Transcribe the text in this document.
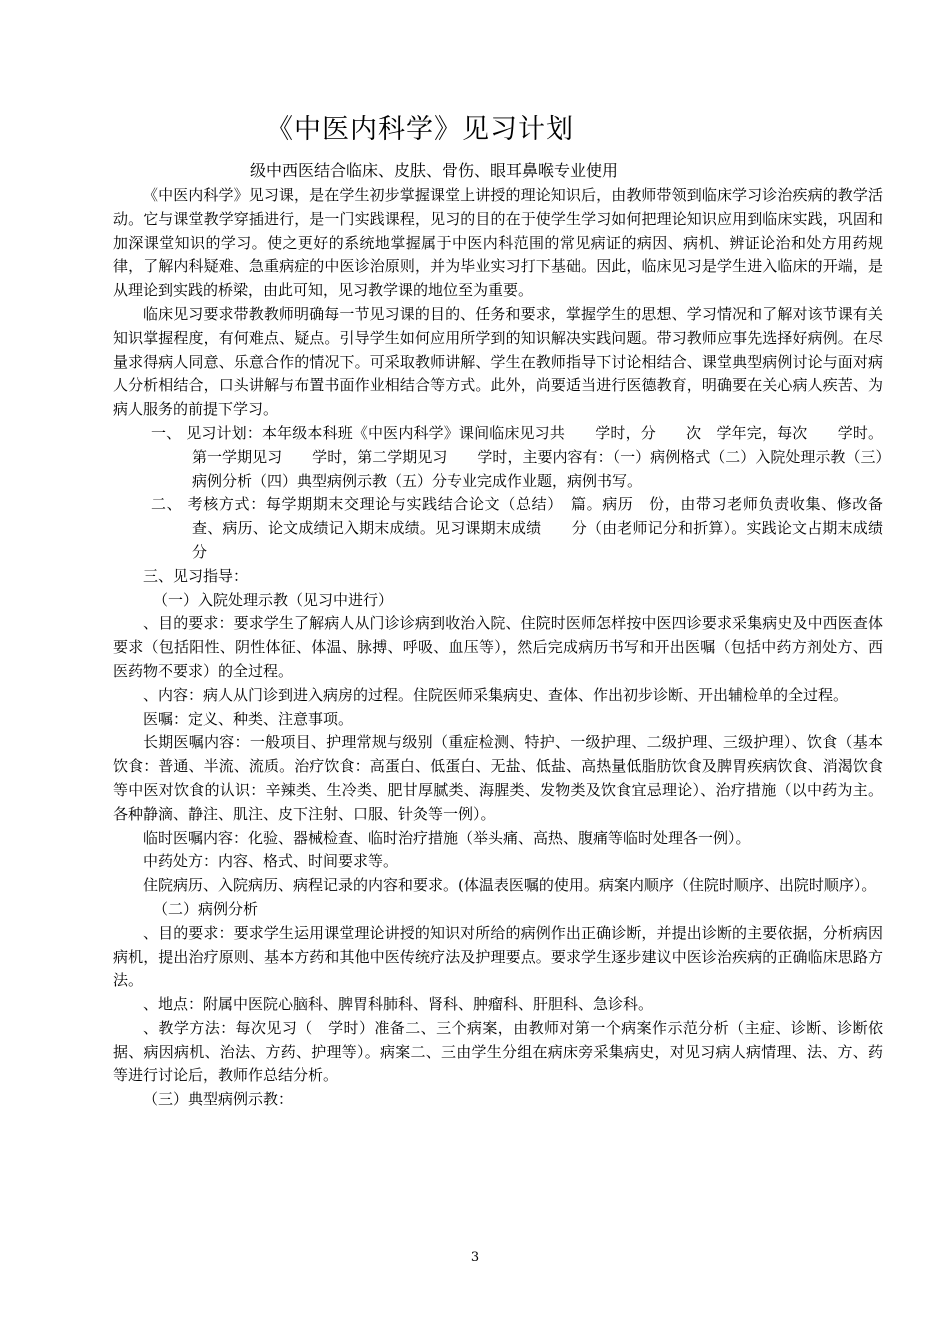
《中医内科学》见习计划
级中西医结合临床、皮肤、骨伤、眼耳鼻喉专业使用

《中医内科学》见习课，是在学生初步掌握课堂上讲授的理论知识后，由教师带领到临床学习诊治疾病的教学活动。它与课堂教学穿插进行，是一门实践课程，见习的目的在于使学生学习如何把理论知识应用到临床实践，巩固和加深课堂知识的学习。使之更好的系统地掌握属于中医内科范围的常见病证的病因、病机、辨证论治和处方用药规律，了解内科疑难、急重病症的中医诊治原则，并为毕业实习打下基础。因此，临床见习是学生进入临床的开端，是从理论到实践的桥梁，由此可知，见习教学课的地位至为重要。

临床见习要求带教教师明确每一节见习课的目的、任务和要求，掌握学生的思想、学习情况和了解对该节课有关知识掌握程度，有何难点、疑点。引导学生如何应用所学到的知识解决实践问题。带习教师应事先选择好病例。在尽量求得病人同意、乐意合作的情况下。可采取教师讲解、学生在教师指导下讨论相结合、课堂典型病例讨论与面对病人分析相结合，口头讲解与布置书面作业相结合等方式。此外，尚要适当进行医德教育，明确要在关心病人疾苦、为病人服务的前提下学习。

一、 见习计划：本年级本科班《中医内科学》课间临床见习共　　学时，分　　次　学年完，每次　　学时。第一学期见习　　学时，第二学期见习　　学时，主要内容有：（一）病例格式（二）入院处理示教（三）病例分析（四）典型病例示教（五）分专业完成作业题，病例书写。

二、 考核方式：每学期期末交理论与实践结合论文（总结）　篇。病历　份，由带习老师负责收集、修改备查、病历、论文成绩记入期末成绩。见习课期末成绩　　分（由老师记分和折算）。实践论文占期末成绩　分

三、见习指导：

（一）入院处理示教（见习中进行）

、目的要求：要求学生了解病人从门诊诊病到收治入院、住院时医师怎样按中医四诊要求采集病史及中西医查体要求（包括阳性、阴性体征、体温、脉搏、呼吸、血压等），然后完成病历书写和开出医嘱（包括中药方剂处方、西医药物不要求）的全过程。

、内容：病人从门诊到进入病房的过程。住院医师采集病史、查体、作出初步诊断、开出辅检单的全过程。

医嘱：定义、种类、注意事项。

长期医嘱内容：一般项目、护理常规与级别（重症检测、特护、一级护理、二级护理、三级护理）、饮食（基本饮食：普通、半流、流质。治疗饮食：高蛋白、低蛋白、无盐、低盐、高热量低脂肪饮食及脾胃疾病饮食、消渴饮食等中医对饮食的认识：辛辣类、生冷类、肥甘厚腻类、海腥类、发物类及饮食宜忌理论）、治疗措施（以中药为主。各种静滴、静注、肌注、皮下注射、口服、针灸等一例）。

临时医嘱内容：化验、器械检查、临时治疗措施（举头痛、高热、腹痛等临时处理各一例）。

中药处方：内容、格式、时间要求等。

住院病历、入院病历、病程记录的内容和要求。(体温表医嘱的使用。病案内顺序（住院时顺序、出院时顺序）。

（二）病例分析

、目的要求：要求学生运用课堂理论讲授的知识对所给的病例作出正确诊断，并提出诊断的主要依据，分析病因病机，提出治疗原则、基本方药和其他中医传统疗法及护理要点。要求学生逐步建议中医诊治疾病的正确临床思路方法。

、地点：附属中医院心脑科、脾胃科肺科、肾科、肿瘤科、肝胆科、急诊科。

、教学方法：每次见习（　学时）准备二、三个病案，由教师对第一个病案作示范分析（主症、诊断、诊断依据、病因病机、治法、方药、护理等）。病案二、三由学生分组在病床旁采集病史，对见习病人病情理、法、方、药等进行讨论后，教师作总结分析。

（三）典型病例示教：

3
